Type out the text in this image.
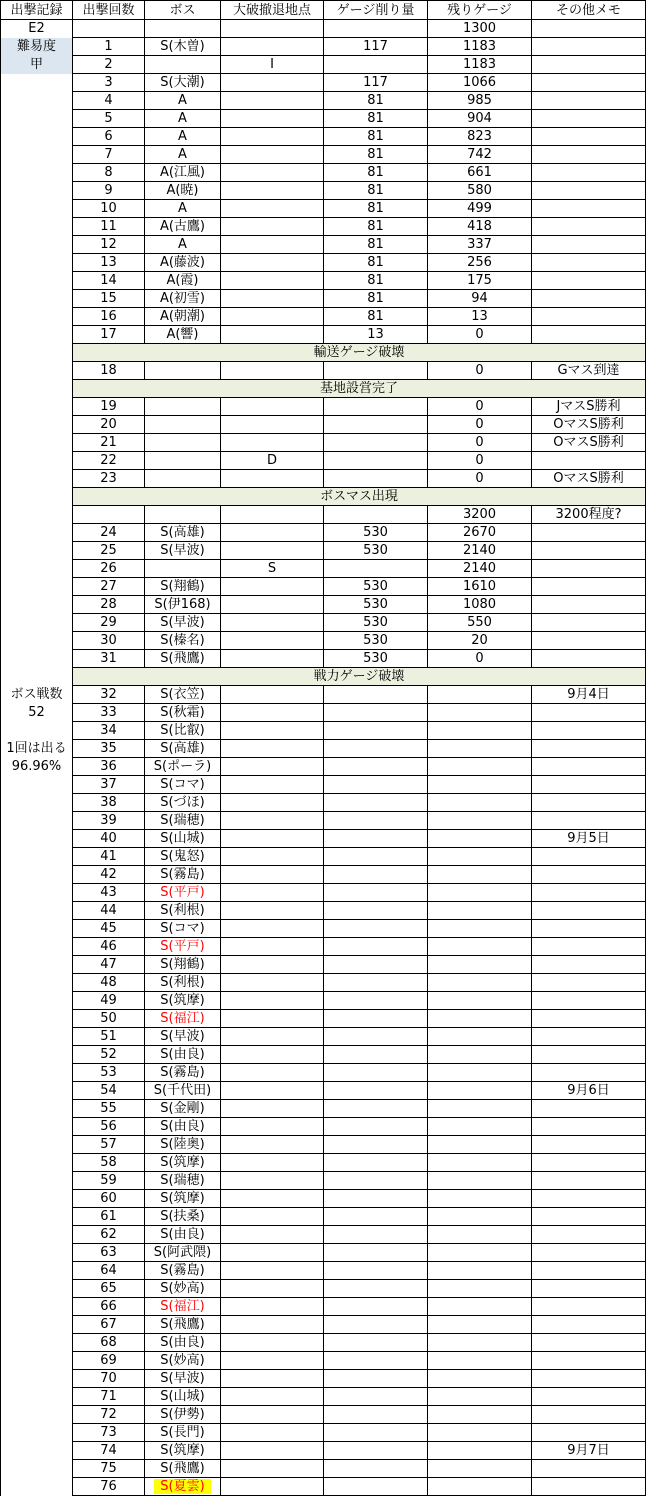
出撃記録	出撃回数	ボス	大破撤退地点	ゲージ削り量	残りゲージ	その他メモ
E2					1300	
難易度	1	S(木曽)		117	1183	
甲	2		I		1183	
	3	S(大潮)		117	1066	
	4	A		81	985	
	5	A		81	904	
	6	A		81	823	
	7	A		81	742	
	8	A(江風)		81	661	
	9	A(暁)		81	580	
	10	A		81	499	
	11	A(古鷹)		81	418	
	12	A		81	337	
	13	A(藤波)		81	256	
	14	A(霞)		81	175	
	15	A(初雪)		81	94	
	16	A(朝潮)		81	13	
	17	A(響)		13	0	
	輸送ゲージ破壊					
	18				0	Gマス到達
	基地設営完了					
	19				0	JマスS勝利
	20				0	OマスS勝利
	21				0	OマスS勝利
	22		D		0	
	23				0	OマスS勝利
	ボスマス出現					
					3200	3200程度?
	24	S(高雄)		530	2670	
	25	S(早波)		530	2140	
	26		S		2140	
	27	S(翔鶴)		530	1610	
	28	S(伊168)		530	1080	
	29	S(早波)		530	550	
	30	S(榛名)		530	20	
	31	S(飛鷹)		530	0	
	戦力ゲージ破壊					
ボス戦数	32	S(衣笠)				9月4日
52	33	S(秋霜)				
	34	S(比叡)				
1回は出る	35	S(高雄)				
96.96%	36	S(ポーラ)				
	37	S(コマ)				
	38	S(づほ)				
	39	S(瑞穂)				
	40	S(山城)				9月5日
	41	S(鬼怒)				
	42	S(霧島)				
	43	S(平戸)				
	44	S(利根)				
	45	S(コマ)				
	46	S(平戸)				
	47	S(翔鶴)				
	48	S(利根)				
	49	S(筑摩)				
	50	S(福江)				
	51	S(早波)				
	52	S(由良)				
	53	S(霧島)				
	54	S(千代田)				9月6日
	55	S(金剛)				
	56	S(由良)				
	57	S(陸奥)				
	58	S(筑摩)				
	59	S(瑞穂)				
	60	S(筑摩)				
	61	S(扶桑)				
	62	S(由良)				
	63	S(阿武隈)				
	64	S(霧島)				
	65	S(妙高)				
	66	S(福江)				
	67	S(飛鷹)				
	68	S(由良)				
	69	S(妙高)				
	70	S(早波)				
	71	S(山城)				
	72	S(伊勢)				
	73	S(長門)				
	74	S(筑摩)				9月7日
	75	S(飛鷹)				
	76	S(夏雲)				
